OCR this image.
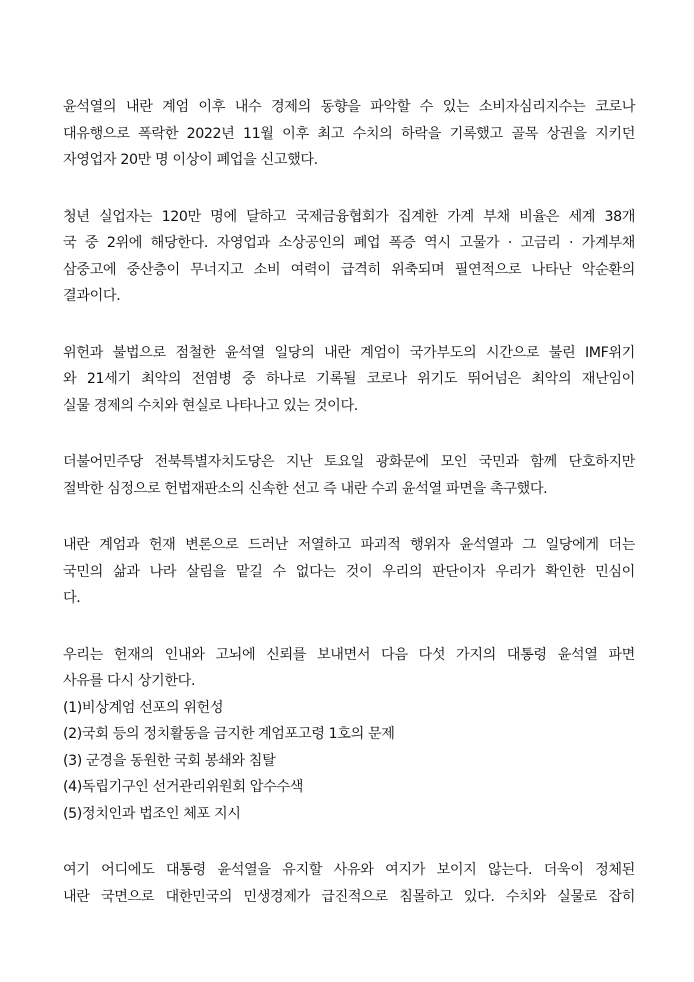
윤석열의 내란 계엄 이후 내수 경제의 동향을 파악할 수 있는 소비자심리지수는 코로나
대유행으로 폭락한 2022년 11월 이후 최고 수치의 하락을 기록했고 골목 상권을 지키던
자영업자 20만 명 이상이 폐업을 신고했다.
청년 실업자는 120만 명에 달하고 국제금융협회가 집계한 가계 부채 비율은 세계 38개
국 중 2위에 해당한다. 자영업과 소상공인의 폐업 폭증 역시 고물가 · 고금리 · 가계부채
삼중고에 중산층이 무너지고 소비 여력이 급격히 위축되며 필연적으로 나타난 악순환의
결과이다.
위헌과 불법으로 점철한 윤석열 일당의 내란 계엄이 국가부도의 시간으로 불린 IMF위기
와 21세기 최악의 전염병 중 하나로 기록될 코로나 위기도 뛰어넘은 최악의 재난임이
실물 경제의 수치와 현실로 나타나고 있는 것이다.
더불어민주당 전북특별자치도당은 지난 토요일 광화문에 모인 국민과 함께 단호하지만
절박한 심정으로 헌법재판소의 신속한 선고 즉 내란 수괴 윤석열 파면을 촉구했다.
내란 계엄과 헌재 변론으로 드러난 저열하고 파괴적 행위자 윤석열과 그 일당에게 더는
국민의 삶과 나라 살림을 맡길 수 없다는 것이 우리의 판단이자 우리가 확인한 민심이
다.
우리는 헌재의 인내와 고뇌에 신뢰를 보내면서 다음 다섯 가지의 대통령 윤석열 파면
사유를 다시 상기한다.
(1)비상계엄 선포의 위헌성
(2)국회 등의 정치활동을 금지한 계엄포고령 1호의 문제
(3) 군경을 동원한 국회 봉쇄와 침탈
(4)독립기구인 선거관리위원회 압수수색
(5)정치인과 법조인 체포 지시
여기 어디에도 대통령 윤석열을 유지할 사유와 여지가 보이지 않는다. 더욱이 정체된
내란 국면으로 대한민국의 민생경제가 급진적으로 침몰하고 있다. 수치와 실물로 잡히
